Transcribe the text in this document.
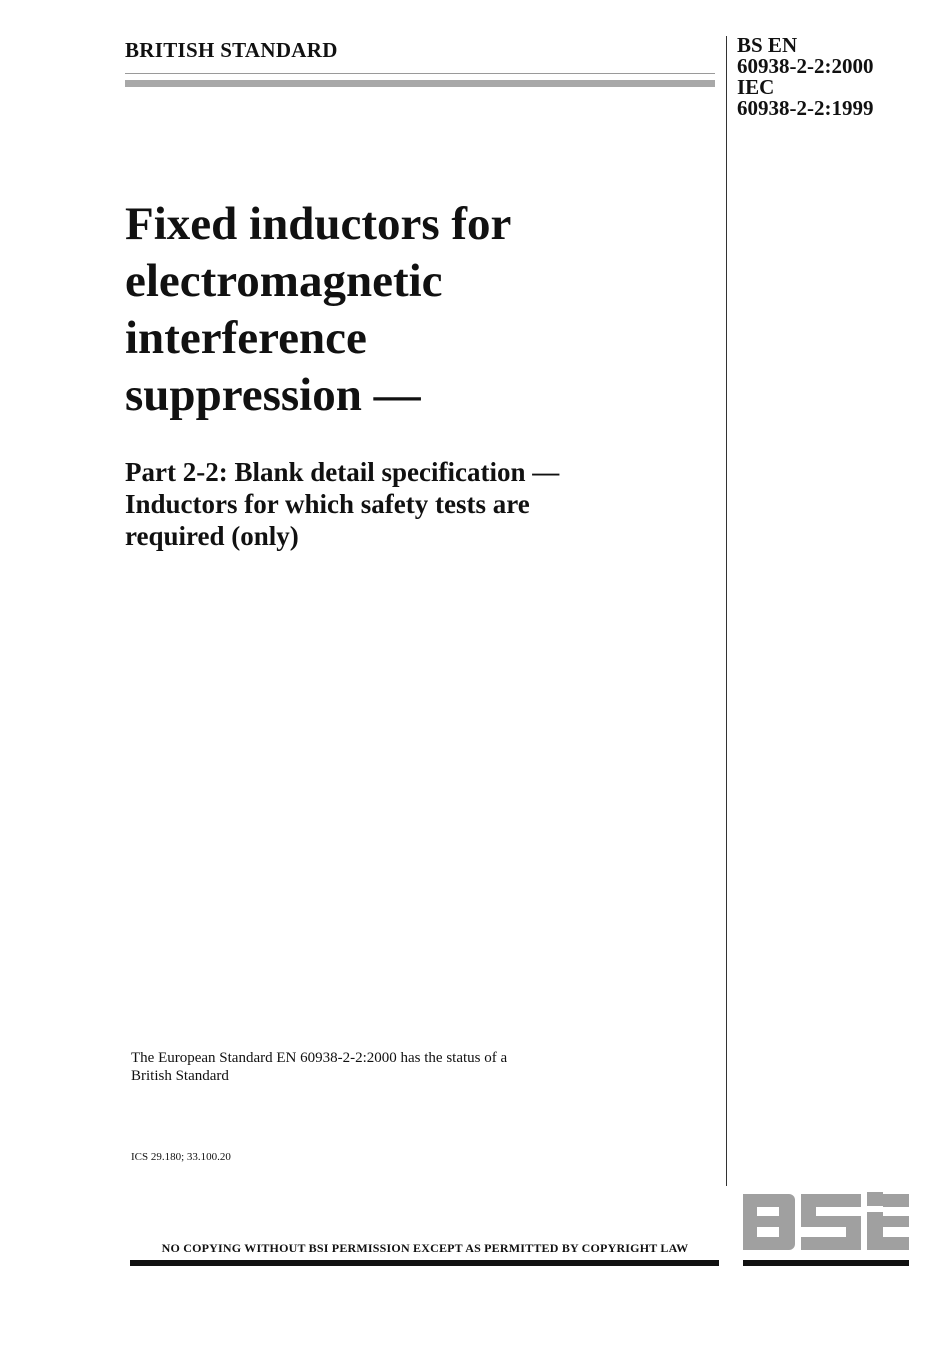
BRITISH STANDARD	BS EN
60938-2-2:2000
IEC
60938-2-2:1999
Fixed inductors for
electromagnetic
interference
suppression —
Part 2-2: Blank detail specification —
Inductors for which safety tests are
required (only)
The European Standard EN 60938-2-2:2000 has the status of a
British Standard
ICS 29.180; 33.100.20
NO COPYING WITHOUT BSI PERMISSION EXCEPT AS PERMITTED BY COPYRIGHT LAW
